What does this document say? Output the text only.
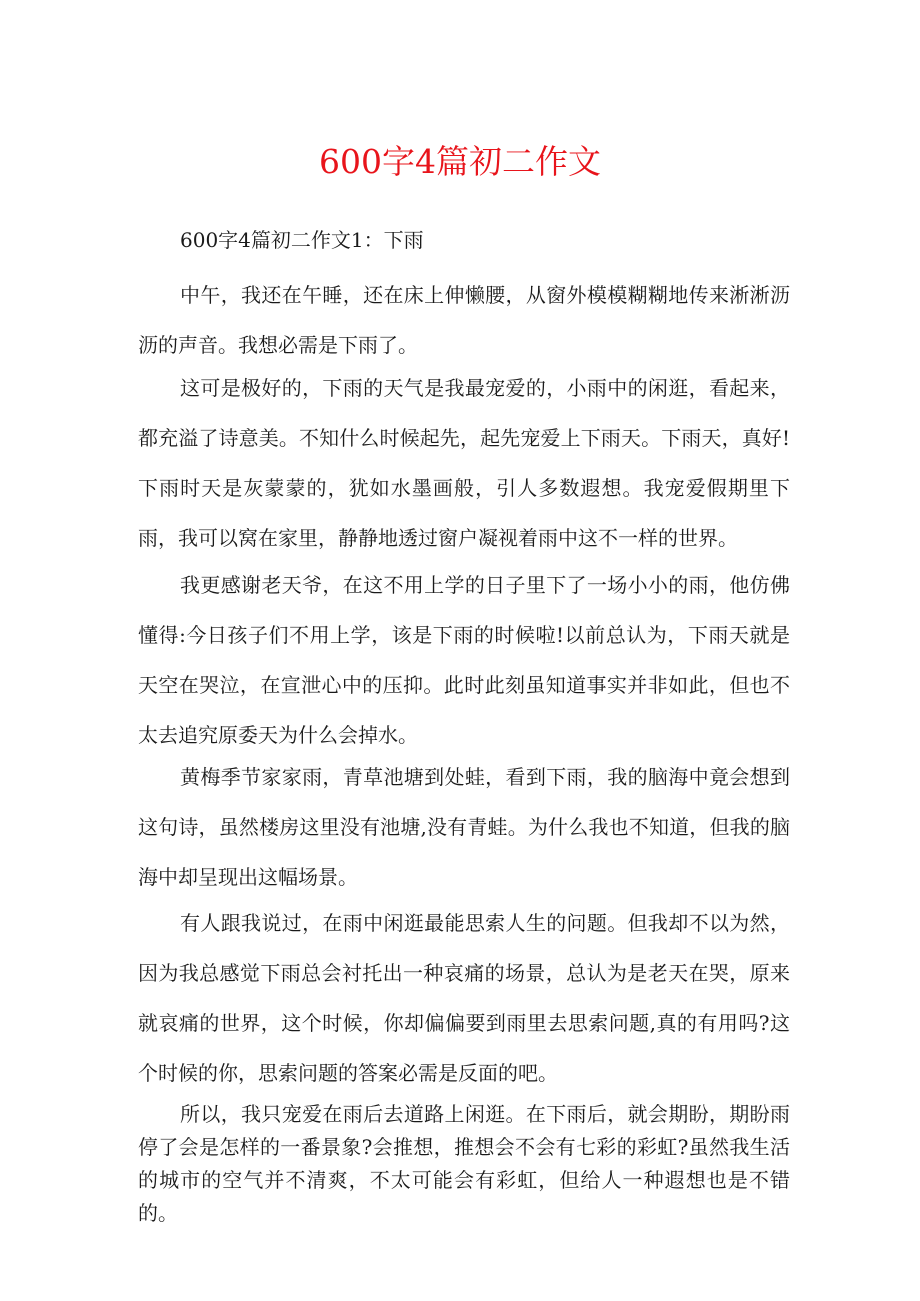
600字4篇初二作文

600字4篇初二作文1：下雨

中午，我还在午睡，还在床上伸懒腰，从窗外模模糊糊地传来淅淅沥沥的声音。我想必需是下雨了。

这可是极好的，下雨的天气是我最宠爱的，小雨中的闲逛，看起来，都充溢了诗意美。不知什么时候起先，起先宠爱上下雨天。下雨天，真好!下雨时天是灰蒙蒙的，犹如水墨画般，引人多数遐想。我宠爱假期里下雨，我可以窝在家里，静静地透过窗户凝视着雨中这不一样的世界。

我更感谢老天爷，在这不用上学的日子里下了一场小小的雨，他仿佛懂得:今日孩子们不用上学，该是下雨的时候啦!以前总认为，下雨天就是天空在哭泣，在宣泄心中的压抑。此时此刻虽知道事实并非如此，但也不太去追究原委天为什么会掉水。

黄梅季节家家雨，青草池塘到处蛙，看到下雨，我的脑海中竟会想到这句诗，虽然楼房这里没有池塘,没有青蛙。为什么我也不知道，但我的脑海中却呈现出这幅场景。

有人跟我说过，在雨中闲逛最能思索人生的问题。但我却不以为然，因为我总感觉下雨总会衬托出一种哀痛的场景，总认为是老天在哭，原来就哀痛的世界，这个时候，你却偏偏要到雨里去思索问题,真的有用吗?这个时候的你，思索问题的答案必需是反面的吧。

所以，我只宠爱在雨后去道路上闲逛。在下雨后，就会期盼，期盼雨停了会是怎样的一番景象?会推想，推想会不会有七彩的彩虹?虽然我生活的城市的空气并不清爽，不太可能会有彩虹，但给人一种遐想也是不错的。
